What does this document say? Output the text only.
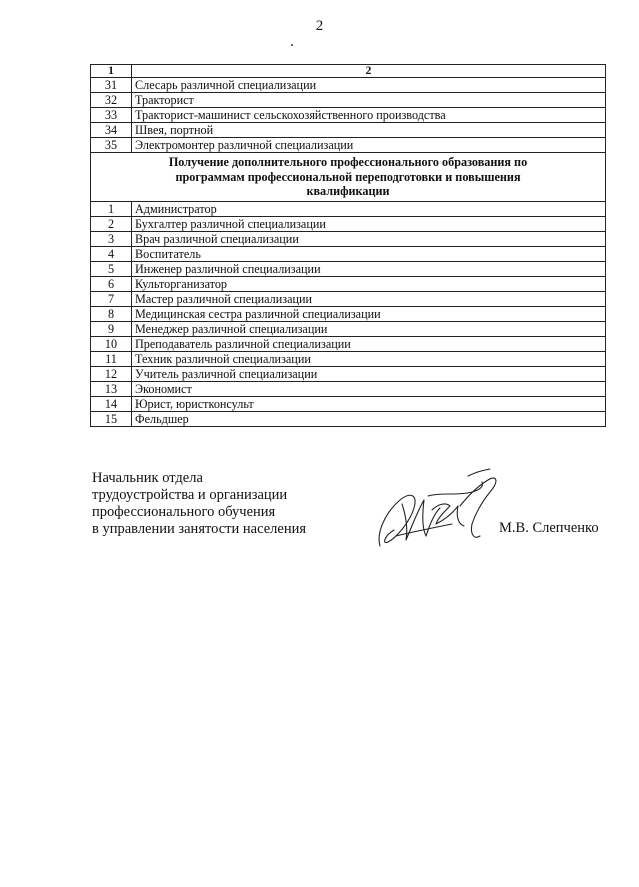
2
1	2
31	Слесарь различной специализации
32	Тракторист
33	Тракторист-машинист сельскохозяйственного производства
34	Швея, портной
35	Электромонтер различной специализации
Получение дополнительного профессионального образования по программам профессиональной переподготовки и повышения квалификации	
1	Администратор
2	Бухгалтер различной специализации
3	Врач различной специализации
4	Воспитатель
5	Инженер различной специализации
6	Культорганизатор
7	Мастер различной специализации
8	Медицинская сестра различной специализации
9	Менеджер различной специализации
10	Преподаватель различной специализации
11	Техник различной специализации
12	Учитель различной специализации
13	Экономист
14	Юрист, юристконсульт
15	Фельдшер
Начальник отдела
трудоустройства и организации
профессионального обучения
в управлении занятости населения	М.В. Слепченко
